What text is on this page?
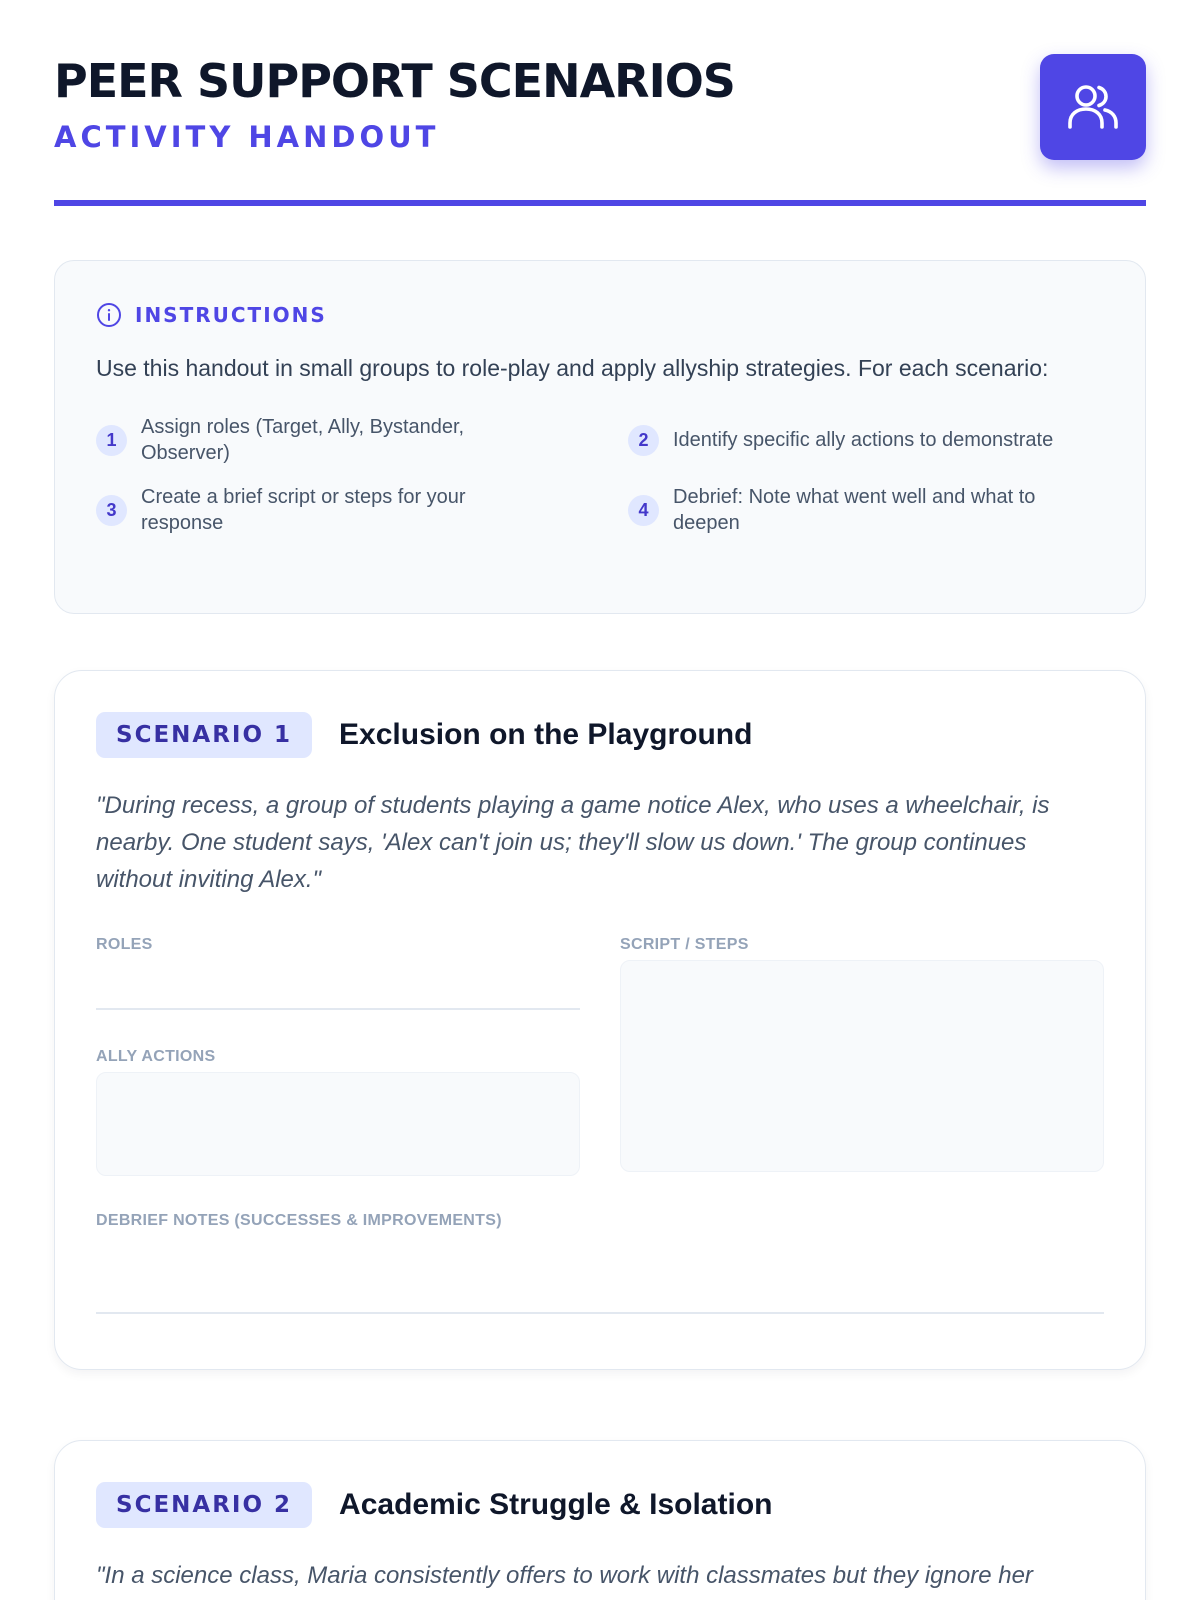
PEER SUPPORT SCENARIOS
ACTIVITY HANDOUT
INSTRUCTIONS

Use this handout in small groups to role-play and apply allyship strategies. For each scenario:

1
Assign roles (Target, Ally, Bystander, Observer)
2	Identify specific ally actions to demonstrate
3
Create a brief script or steps for your response
4
Debrief: Note what went well and what to deepen
SCENARIO 1	Exclusion on the Playground

"During recess, a group of students playing a game notice Alex, who uses a wheelchair, is nearby. One student says, 'Alex can't join us; they'll slow us down.' The group continues without inviting Alex."

ROLES	SCRIPT / STEPS
ALLY ACTIONS
DEBRIEF NOTES (SUCCESSES & IMPROVEMENTS)
SCENARIO 2	Academic Struggle & Isolation

"In a science class, Maria consistently offers to work with classmates but they ignore her
